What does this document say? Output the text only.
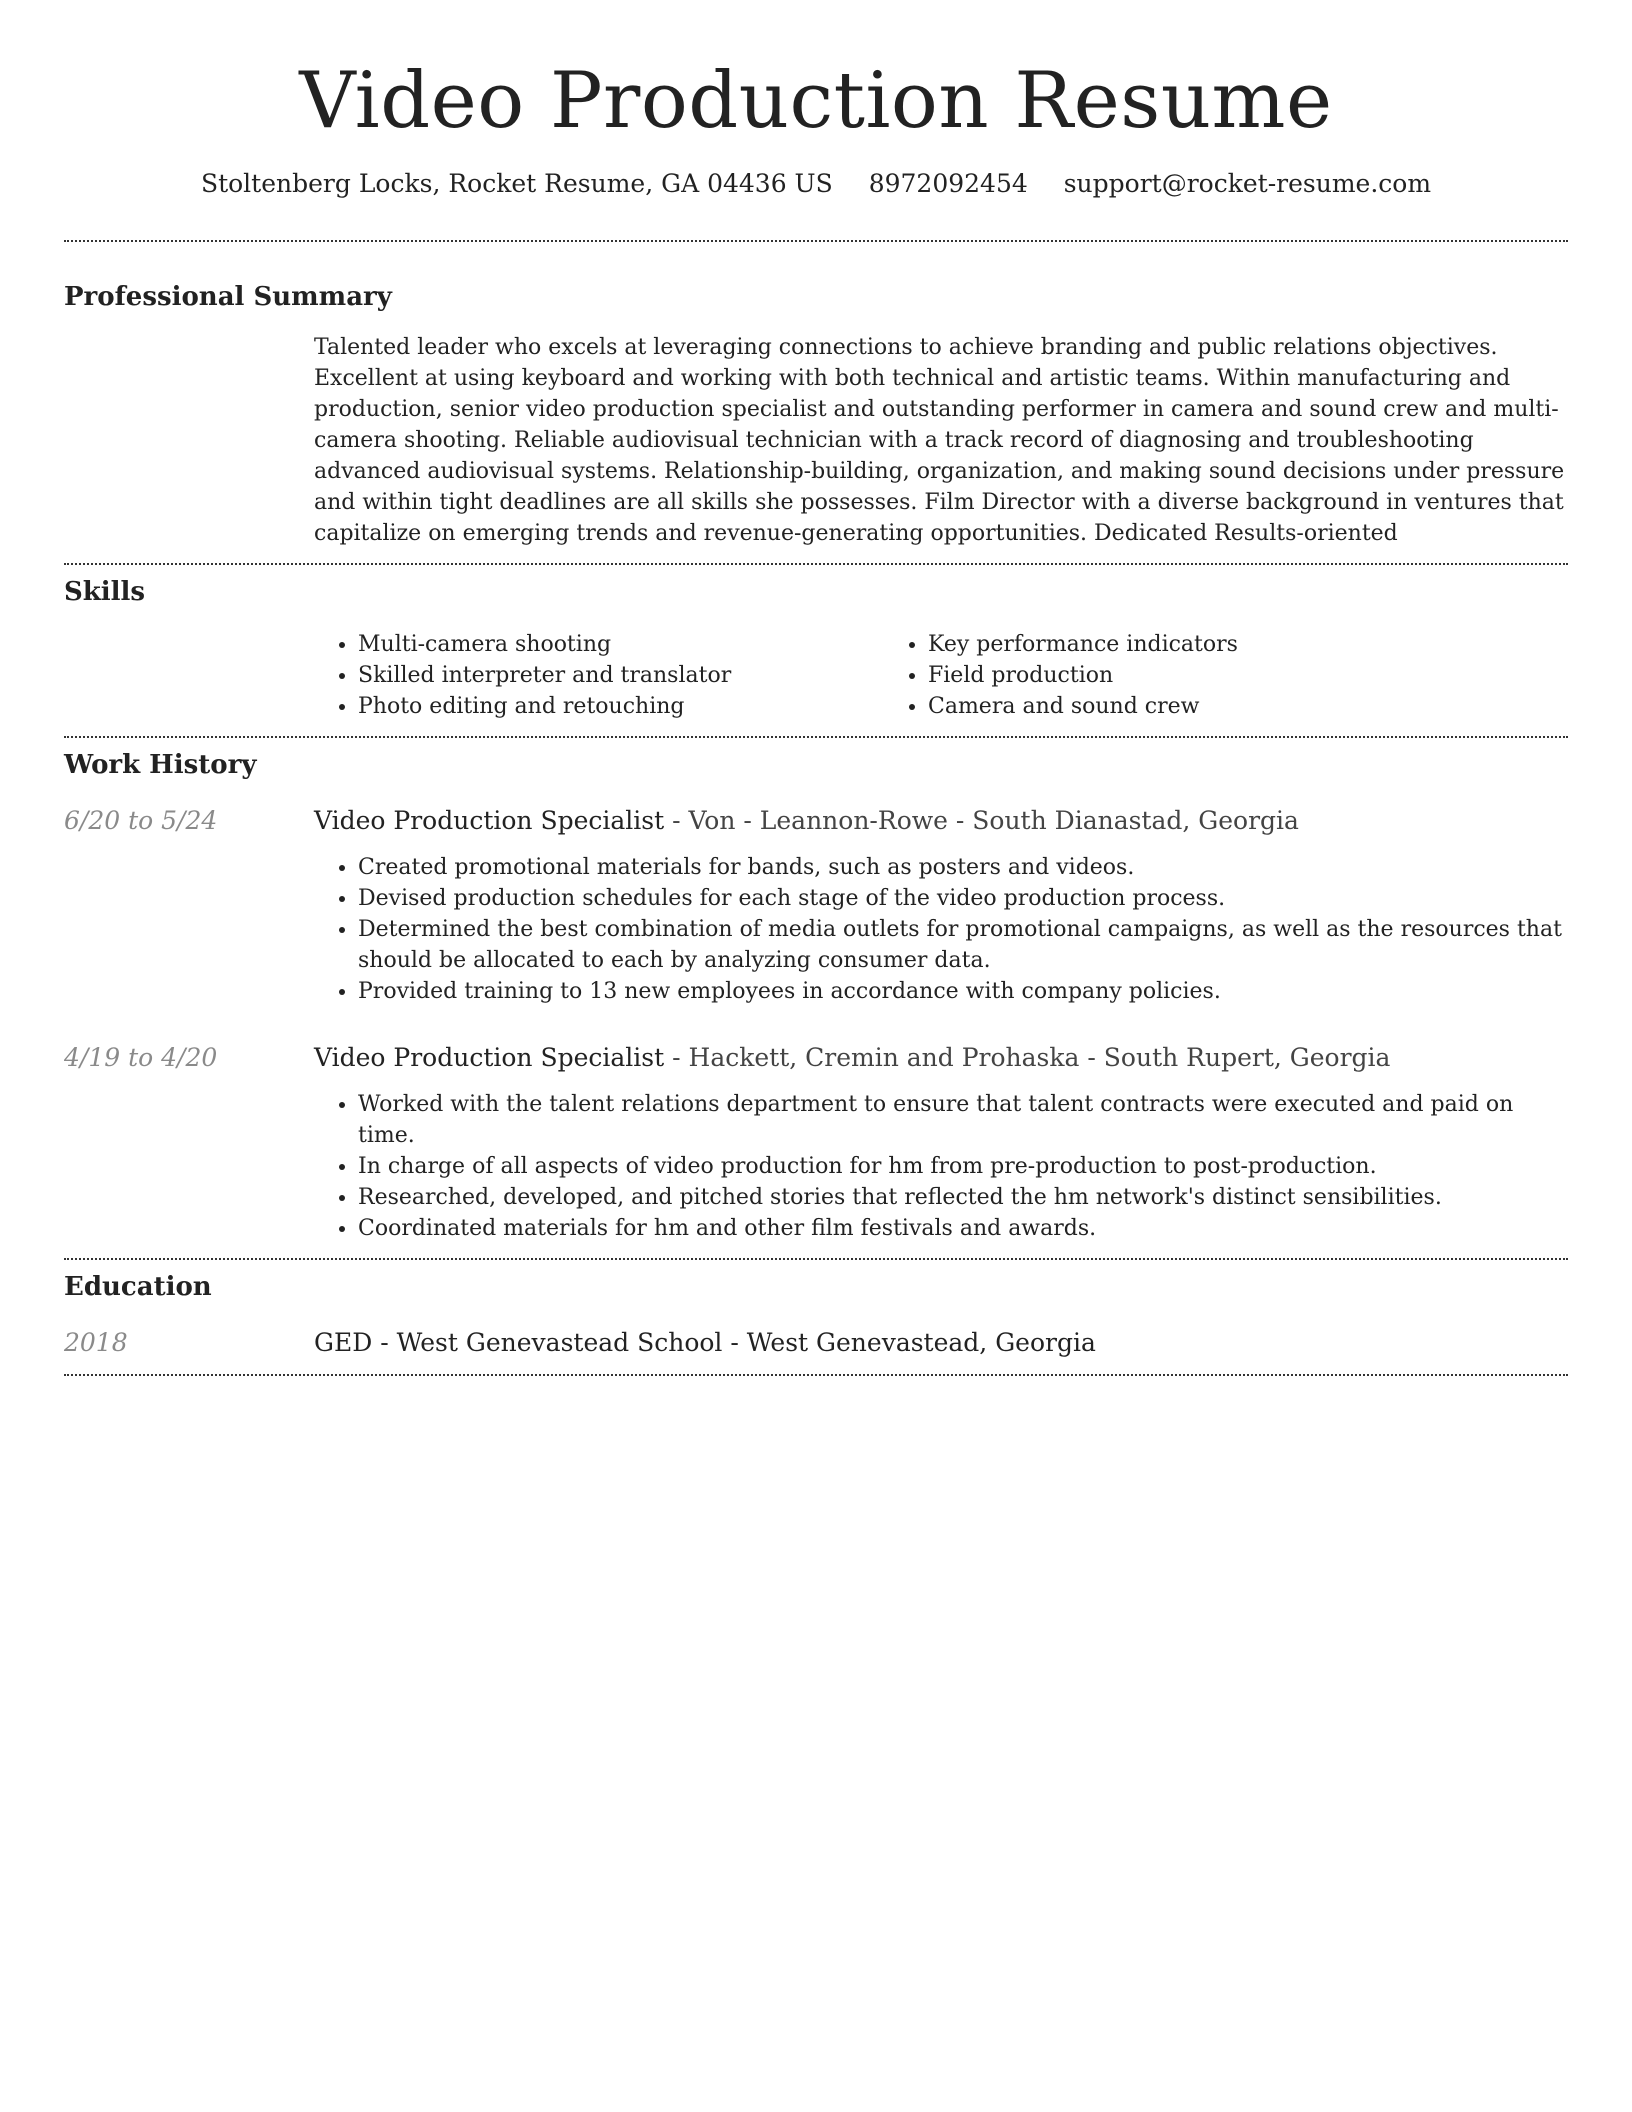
Video Production Resume
Stoltenberg Locks, Rocket Resume, GA 04436 US 8972092454 support@rocket-resume.com
Professional Summary

Talented leader who excels at leveraging connections to achieve branding and public relations objectives. Excellent at using keyboard and working with both technical and artistic teams. Within manufacturing and production, senior video production specialist and outstanding performer in camera and sound crew and multi-camera shooting. Reliable audiovisual technician with a track record of diagnosing and troubleshooting advanced audiovisual systems. Relationship-building, organization, and making sound decisions under pressure and within tight deadlines are all skills she possesses. Film Director with a diverse background in ventures that capitalize on emerging trends and revenue-generating opportunities. Dedicated Results-oriented

Skills
• Multi-camera shooting
• Skilled interpreter and translator
• Photo editing and retouching
• Key performance indicators
• Field production
• Camera and sound crew
Work History
6/20 to 5/24	Video Production Specialist - Von - Leannon-Rowe - South Dianastad, Georgia
• Created promotional materials for bands, such as posters and videos.
• Devised production schedules for each stage of the video production process.
• Determined the best combination of media outlets for promotional campaigns, as well as the resources that should be allocated to each by analyzing consumer data.
• Provided training to 13 new employees in accordance with company policies.
4/19 to 4/20	Video Production Specialist - Hackett, Cremin and Prohaska - South Rupert, Georgia
• Worked with the talent relations department to ensure that talent contracts were executed and paid on time.
• In charge of all aspects of video production for hm from pre-production to post-production.
• Researched, developed, and pitched stories that reflected the hm network's distinct sensibilities.
• Coordinated materials for hm and other film festivals and awards.
Education
2018	GED - West Genevastead School - West Genevastead, Georgia
